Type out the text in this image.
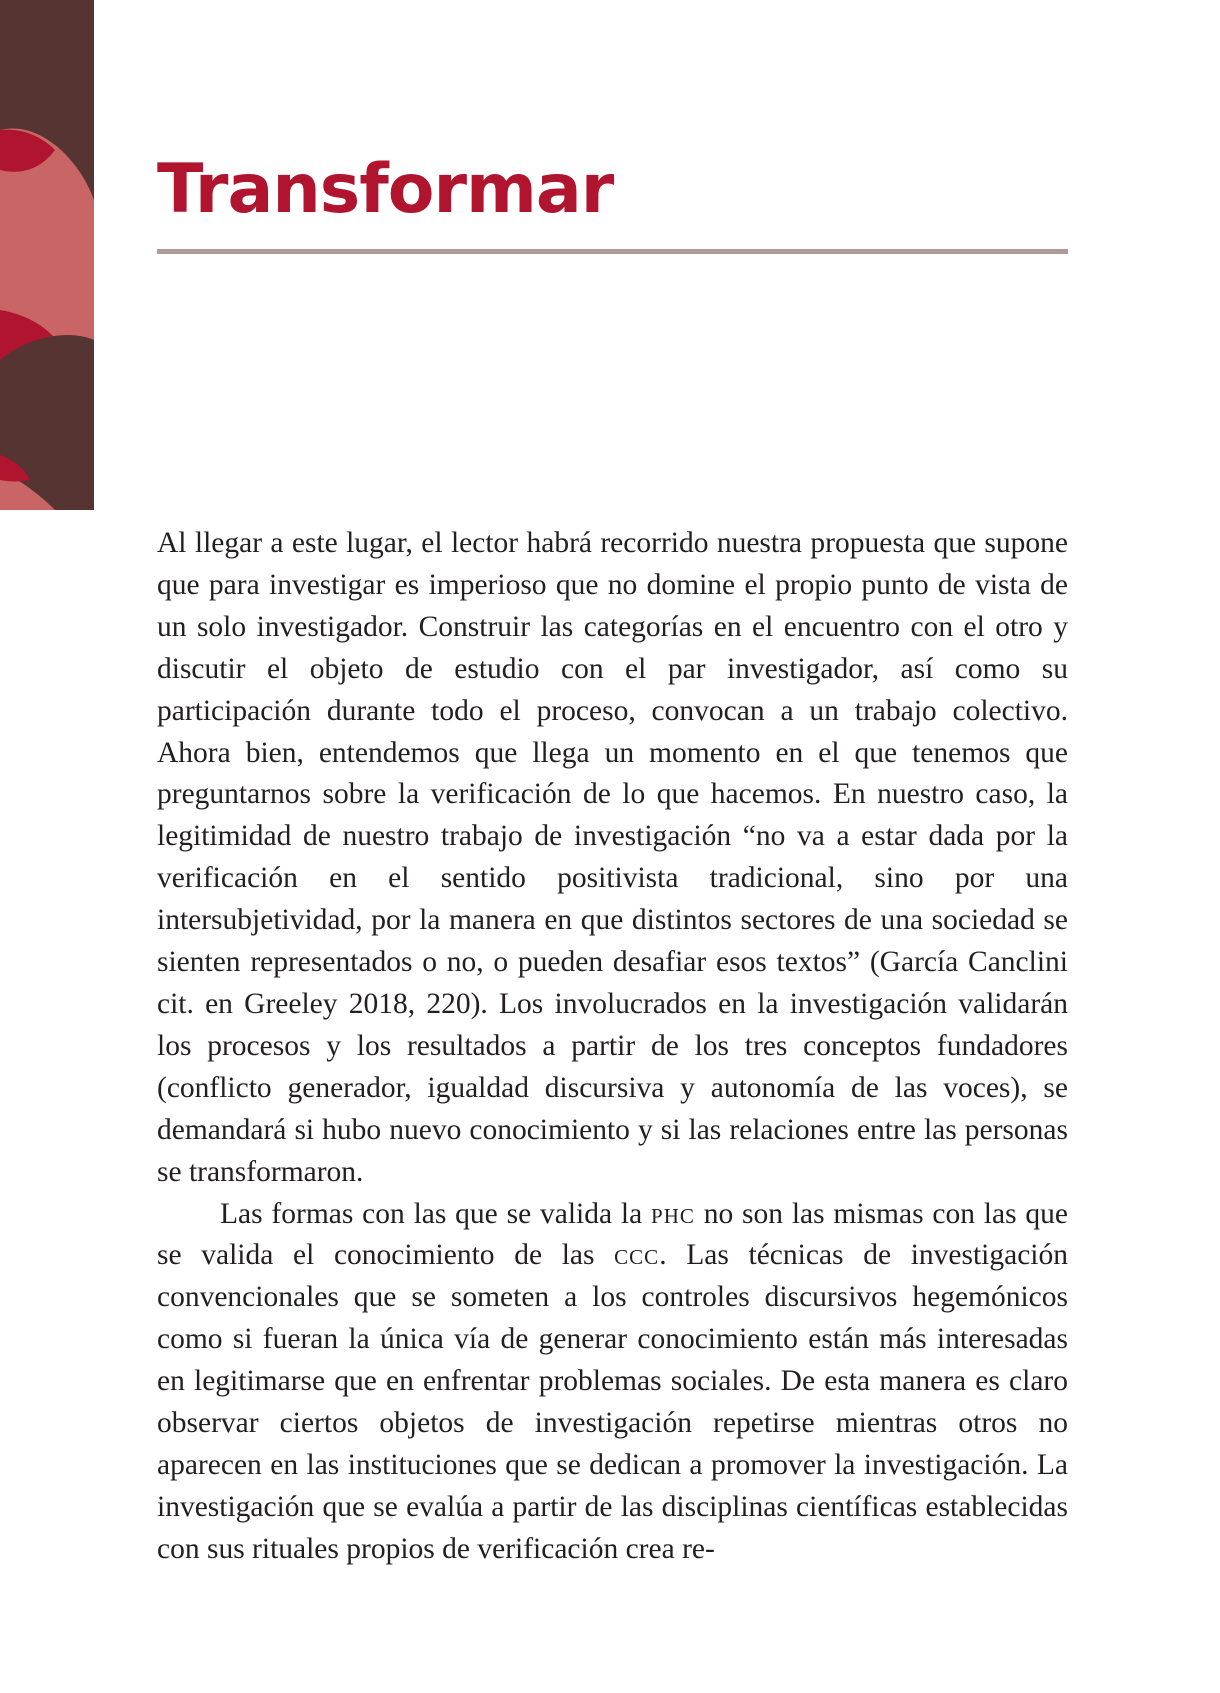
Transformar

Al llegar a este lugar, el lector habrá recorrido nuestra propuesta que supone que para investigar es imperioso que no domine el propio punto de vista de un solo investigador. Construir las categorías en el encuentro con el otro y discutir el objeto de estudio con el par investigador, así como su participación durante todo el proceso, convocan a un trabajo colectivo. Ahora bien, entendemos que llega un momento en el que tenemos que preguntarnos sobre la verificación de lo que hacemos. En nuestro caso, la legitimidad de nuestro trabajo de investigación “no va a estar dada por la verificación en el sentido positivista tradicional, sino por una intersubjetividad, por la manera en que distintos sectores de una sociedad se sienten representados o no, o pueden desafiar esos textos” (García Canclini cit. en Greeley 2018, 220). Los involucrados en la investigación validarán los procesos y los resultados a partir de los tres conceptos fundadores (conflicto generador, igualdad discursiva y autonomía de las voces), se demandará si hubo nuevo conocimiento y si las relaciones entre las personas se transformaron.

Las formas con las que se valida la phc no son las mismas con las que se valida el conocimiento de las ccc. Las técnicas de investigación convencionales que se someten a los controles discursivos hegemónicos como si fueran la única vía de generar conocimiento están más interesadas en legitimarse que en enfrentar problemas sociales. De esta manera es claro observar ciertos objetos de investigación repetirse mientras otros no aparecen en las instituciones que se dedican a promover la investigación. La investigación que se evalúa a partir de las disciplinas científicas establecidas con sus rituales propios de verificación crea re-
